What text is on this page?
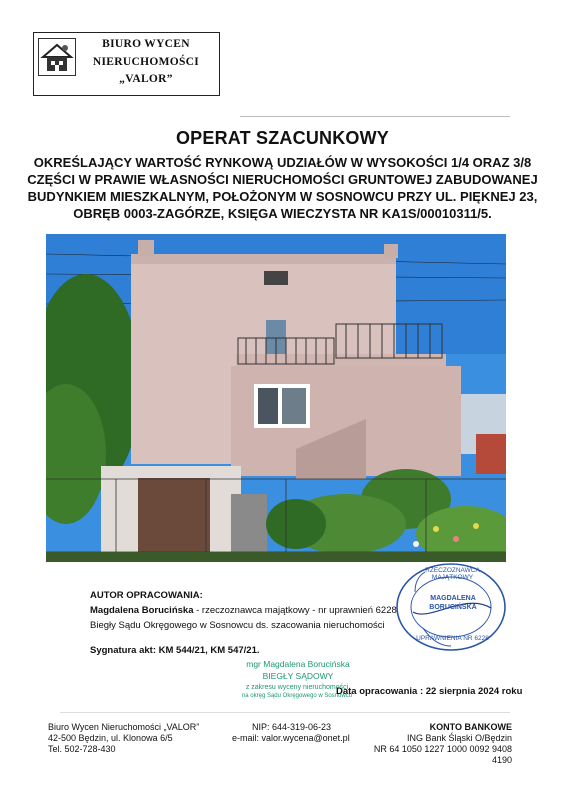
BIURO WYCEN
NIERUCHOMOŚCI
„VALOR”
OPERAT SZACUNKOWY
OKREŚLAJĄCY WARTOŚĆ RYNKOWĄ UDZIAŁÓW W WYSOKOŚCI 1/4 ORAZ 3/8
CZĘŚCI W PRAWIE WŁASNOŚCI NIERUCHOMOŚCI GRUNTOWEJ ZABUDOWANEJ
BUDYNKIEM MIESZKALNYM, POŁOŻONYM W SOSNOWCU PRZY UL. PIĘKNEJ 23,
OBRĘB 0003-ZAGÓRZE, KSIĘGA WIECZYSTA NR KA1S/00010311/5.
AUTOR OPRACOWANIA:
Magdalena Borucińska - rzeczoznawca majątkowy - nr uprawnień 6228
Biegły Sądu Okręgowego w Sosnowcu ds. szacowania nieruchomości
Sygnatura akt: KM 544/21, KM 547/21.
RZECZOZNAWCA MAJĄTKOWY
MAGDALENA
BORUCIŃSKA
UPRAWNIENIA NR 6228
mgr Magdalena Borucińska
BIEGŁY SĄDOWY
z zakresu wyceny nieruchomości
na okręg Sądu Okręgowego w Sosnowcu
Data opracowania : 22 sierpnia 2024 roku
Biuro Wycen Nieruchomości „VALOR”
42-500 Będzin, ul. Klonowa 6/5
Tel. 502-728-430
NIP: 644-319-06-23
e-mail: valor.wycena@onet.pl
KONTO BANKOWE
ING Bank Śląski O/Będzin
NR 64 1050 1227 1000 0092 9408 4190
